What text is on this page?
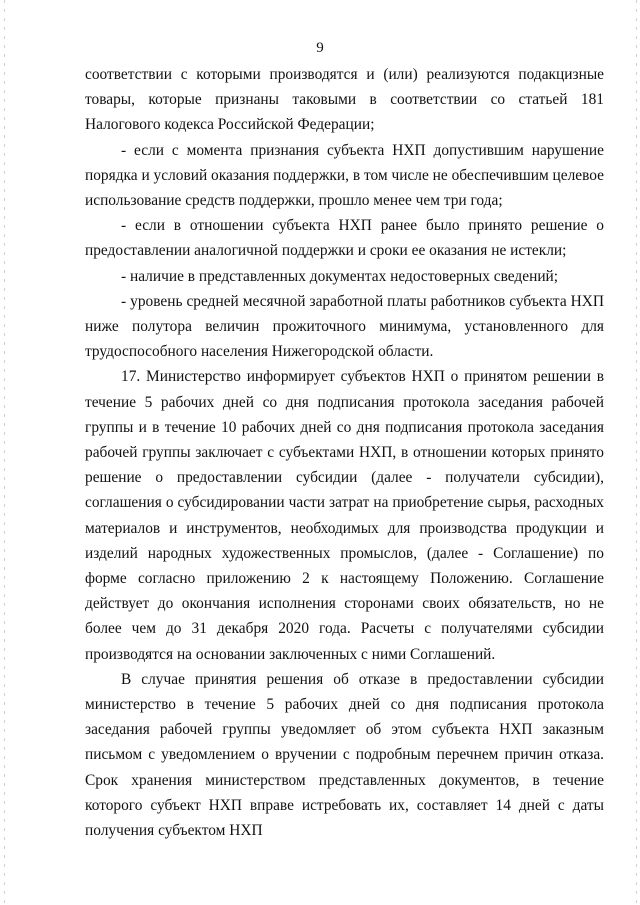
9

соответствии с которыми производятся и (или) реализуются подакцизные товары, которые признаны таковыми в соответствии со статьей 181 Налогового кодекса Российской Федерации;

- если с момента признания субъекта НХП допустившим нарушение порядка и условий оказания поддержки, в том числе не обеспечившим целевое использование средств поддержки, прошло менее чем три года;

- если в отношении субъекта НХП ранее было принято решение о предоставлении аналогичной поддержки и сроки ее оказания не истекли;

- наличие в представленных документах недостоверных сведений;

- уровень средней месячной заработной платы работников субъекта НХП ниже полутора величин прожиточного минимума, установленного для трудоспособного населения Нижегородской области.

17. Министерство информирует субъектов НХП о принятом решении в течение 5 рабочих дней со дня подписания протокола заседания рабочей группы и в течение 10 рабочих дней со дня подписания протокола заседания рабочей группы заключает с субъектами НХП, в отношении которых принято решение о предоставлении субсидии (далее - получатели субсидии), соглашения о субсидировании части затрат на приобретение сырья, расходных материалов и инструментов, необходимых для производства продукции и изделий народных художественных промыслов, (далее - Соглашение) по форме согласно приложению 2 к настоящему Положению. Соглашение действует до окончания исполнения сторонами своих обязательств, но не более чем до 31 декабря 2020 года. Расчеты с получателями субсидии производятся на основании заключенных с ними Соглашений.

В случае принятия решения об отказе в предоставлении субсидии министерство в течение 5 рабочих дней со дня подписания протокола заседания рабочей группы уведомляет об этом субъекта НХП заказным письмом с уведомлением о вручении с подробным перечнем причин отказа. Срок хранения министерством представленных документов, в течение которого субъект НХП вправе истребовать их, составляет 14 дней с даты получения субъектом НХП
